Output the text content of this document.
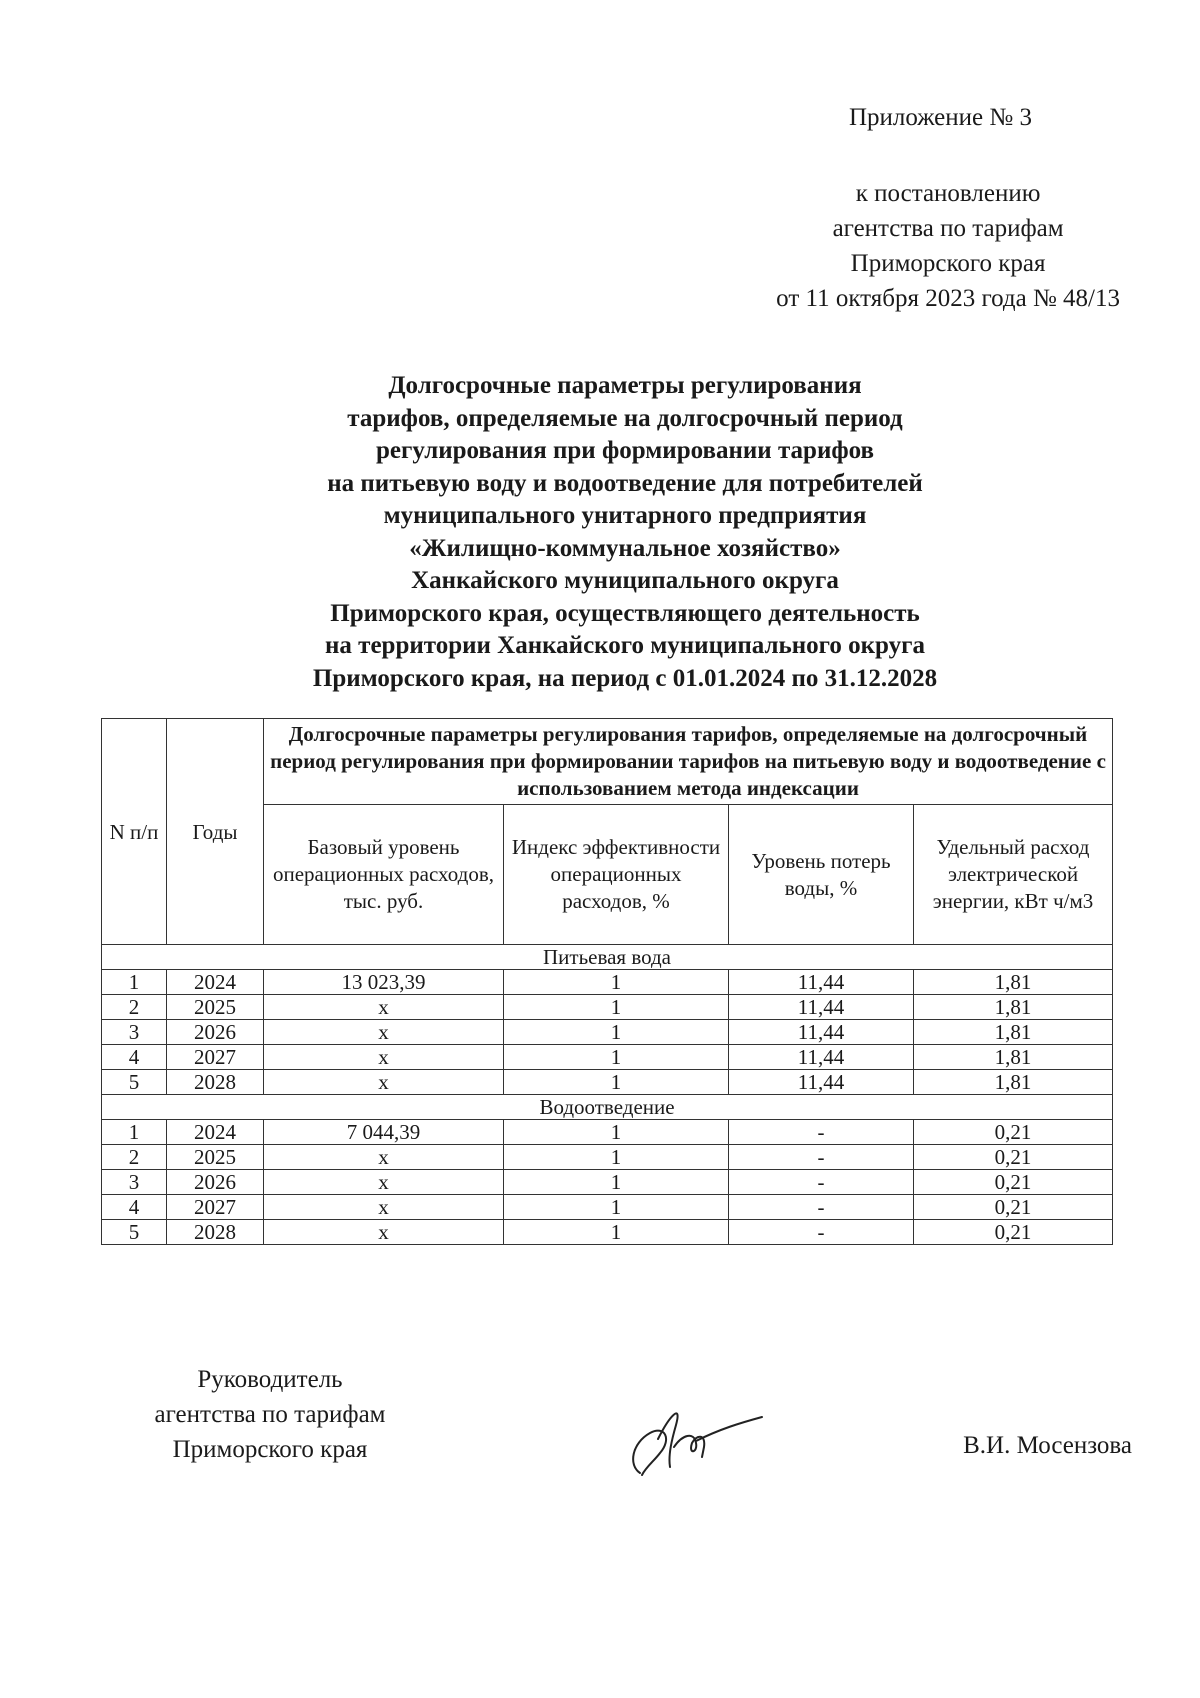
Приложение № 3
к постановлению
агентства по тарифам
Приморского края
от 11 октября 2023 года № 48/13
Долгосрочные параметры регулирования
тарифов, определяемые на долгосрочный период
регулирования при формировании тарифов
на питьевую воду и водоотведение для потребителей
муниципального унитарного предприятия
«Жилищно-коммунальное хозяйство»
Ханкайского муниципального округа
Приморского края, осуществляющего деятельность
на территории Ханкайского муниципального округа
Приморского края, на период с 01.01.2024 по 31.12.2028
N п/п	Годы	Долгосрочные параметры регулирования тарифов, определяемые на долгосрочный период регулирования при формировании тарифов на питьевую воду и водоотведение с использованием метода индексации			
		Базовый уровень операционных расходов, тыс. руб.	Индекс эффективности операционных расходов, %	Уровень потерь воды, %	Удельный расход электрической энергии, кВт ч/м3
Питьевая вода					
1	2024	13 023,39	1	11,44	1,81
2	2025	х	1	11,44	1,81
3	2026	х	1	11,44	1,81
4	2027	х	1	11,44	1,81
5	2028	х	1	11,44	1,81
Водоотведение					
1	2024	7 044,39	1	-	0,21
2	2025	х	1	-	0,21
3	2026	х	1	-	0,21
4	2027	х	1	-	0,21
5	2028	х	1	-	0,21
Руководитель
агентства по тарифам
Приморского края	В.И. Мосензова
